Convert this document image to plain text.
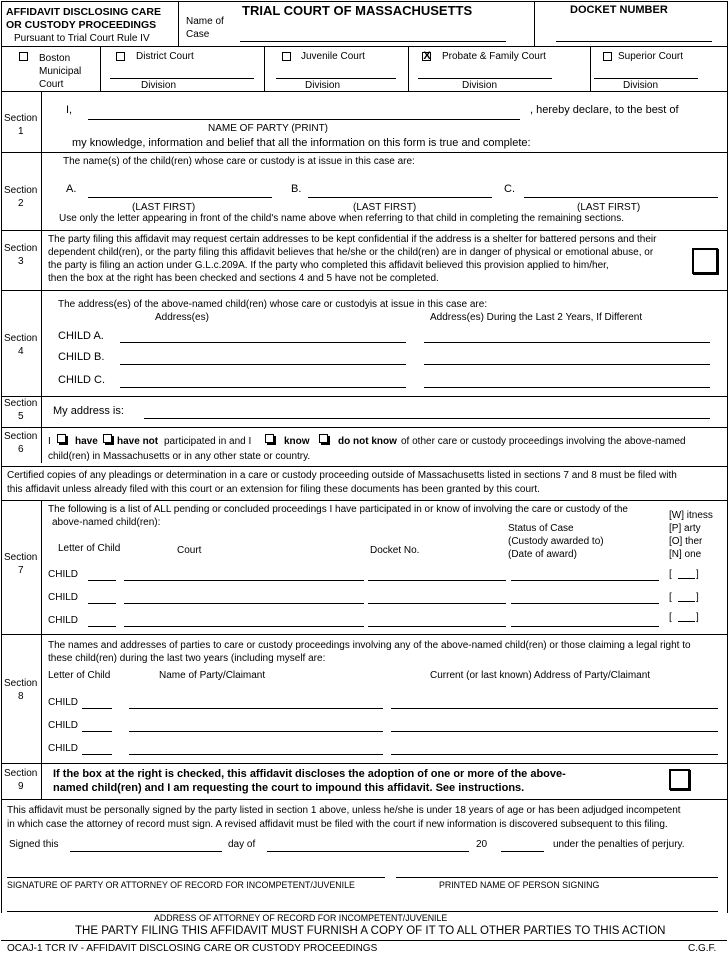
AFFIDAVIT DISCLOSING CARE
OR CUSTODY PROCEEDINGS
Pursuant to Trial Court Rule IV
Name of
Case
TRIAL COURT OF MASSACHUSETTS	DOCKET NUMBER
Boston
Municipal
Court
District Court
Division
Juvenile Court
Division
X Probate & Family Court
Division
Superior Court
Division
Section
1
I,	, hereby declare, to the best of
NAME OF PARTY (PRINT)
my knowledge, information and belief that all the information on this form is true and complete:
Section
2
The name(s) of the child(ren) whose care or custody is at issue in this case are:
A.
(LAST FIRST)
B.
(LAST FIRST)
C.
(LAST FIRST)
Use only the letter appearing in front of the child's name above when referring to that child in completing the remaining sections.
Section
3
The party filing this affidavit may request certain addresses to be kept confidential if the address is a shelter for battered persons and their
dependent child(ren), or the party filing this affidavit believes that he/she or the child(ren) are in danger of physical or emotional abuse, or
the party is filing an action under G.L.c.209A. If the party who completed this affidavit believed this provision applied to him/her,
then the box at the right has been checked and sections 4 and 5 have not be completed.
Section
4
The address(es) of the above-named child(ren) whose care or custodyis at issue in this case are:
Address(es)	Address(es) During the Last 2 Years, If Different
CHILD A.
CHILD B.
CHILD C.
Section
5	My address is:
Section
6
I have have not participated in and I	know	do not know of other care or custody proceedings involving the above-named
child(ren) in Massachusetts or in any other state or country.
Certified copies of any pleadings or determination in a care or custody proceeding outside of Massachusetts listed in sections 7 and 8 must be filed with
this affidavit unless already filed with this court or an extension for filing these documents has been granted by this court.
Section
7
The following is a list of ALL pending or concluded proceedings I have participated in or know of involving the care or custody of the
above-named child(ren):
Letter of Child	Court	Docket No.
Status of Case
(Custody awarded to)
(Date of award)
[W] itness
[P] arty
[O] ther
[N] one
CHILD	[ ]
CHILD	[ ]
CHILD	[ ]
Section
8
The names and addresses of parties to care or custody proceedings involving any of the above-named child(ren) or those claiming a legal right to
these child(ren) during the last two years (including myself are:
Letter of Child	Name of Party/Claimant	Current (or last known) Address of Party/Claimant
CHILD
CHILD
CHILD
Section
9
If the box at the right is checked, this affidavit discloses the adoption of one or more of the above-
named child(ren) and I am requesting the court to impound this affidavit. See instructions.
This affidavit must be personally signed by the party listed in section 1 above, unless he/she is under 18 years of age or has been adjudged incompetent
in which case the attorney of record must sign. A revised affidavit must be filed with the court if new information is discovered subsequent to this filing.
Signed this	day of	20	under the penalties of perjury.
SIGNATURE OF PARTY OR ATTORNEY OF RECORD FOR INCOMPETENT/JUVENILE	PRINTED NAME OF PERSON SIGNING
ADDRESS OF ATTORNEY OF RECORD FOR INCOMPETENT/JUVENILE
THE PARTY FILING THIS AFFIDAVIT MUST FURNISH A COPY OF IT TO ALL OTHER PARTIES TO THIS ACTION
OCAJ-1 TCR IV - AFFIDAVIT DISCLOSING CARE OR CUSTODY PROCEEDINGS	C.G.F.
